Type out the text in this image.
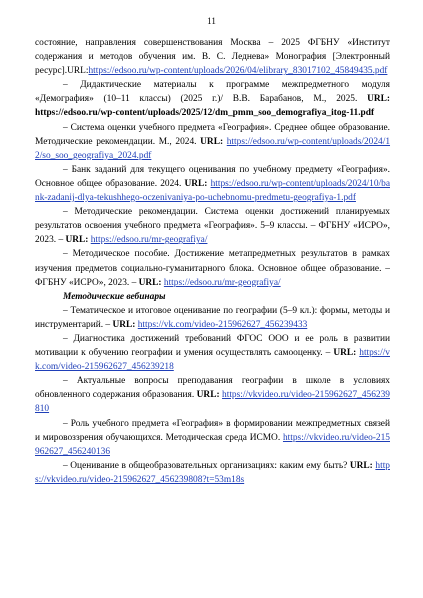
11

состояние, направления совершенствования Москва – 2025 ФГБНУ «Институт содержания и методов обучения им. В. С. Леднева» Монография [Электронный ресурс].URL:https://edsoo.ru/wp-content/uploads/2026/04/elibrary_83017102_45849435.pdf

– Дидактические материалы к программе межпредметного модуля «Демография» (10–11 классы) (2025 г.)/ В.В. Барабанов, М., 2025. URL: https://edsoo.ru/wp-content/uploads/2025/12/dm_pmm_soo_demografiya_itog-11.pdf

– Система оценки учебного предмета «География». Среднее общее образование. Методические рекомендации. М., 2024. URL: https://edsoo.ru/wp-content/uploads/2024/12/so_soo_geografiya_2024.pdf

– Банк заданий для текущего оценивания по учебному предмету «География». Основное общее образование. 2024. URL: https://edsoo.ru/wp-content/uploads/2024/10/bank-zadanij-dlya-tekushhego-oczenivaniya-po-uchebnomu-predmetu-geografiya-1.pdf

– Методические рекомендации. Система оценки достижений планируемых результатов освоения учебного предмета «География». 5–9 классы. – ФГБНУ «ИСРО», 2023. – URL: https://edsoo.ru/mr-geografiya/

– Методическое пособие. Достижение метапредметных результатов в рамках изучения предметов социально-гуманитарного блока. Основное общее образование. –ФГБНУ «ИСРО», 2023. – URL: https://edsoo.ru/mr-geografiya/

Методические вебинары

– Тематическое и итоговое оценивание по географии (5–9 кл.): формы, методы и инструментарий. – URL: https://vk.com/video-215962627_456239433

– Диагностика достижений требований ФГОС ООО и ее роль в развитии мотивации к обучению географии и умения осуществлять самооценку. – URL: https://vk.com/video-215962627_456239218

– Актуальные вопросы преподавания географии в школе в условиях обновленного содержания образования. URL: https://vkvideo.ru/video-215962627_456239810

– Роль учебного предмета «География» в формировании межпредметных связей и мировоззрения обучающихся. Методическая среда ИСМО. https://vkvideo.ru/video-215962627_456240136

– Оценивание в общеобразовательных организациях: каким ему быть? URL: https://vkvideo.ru/video-215962627_456239808?t=53m18s
